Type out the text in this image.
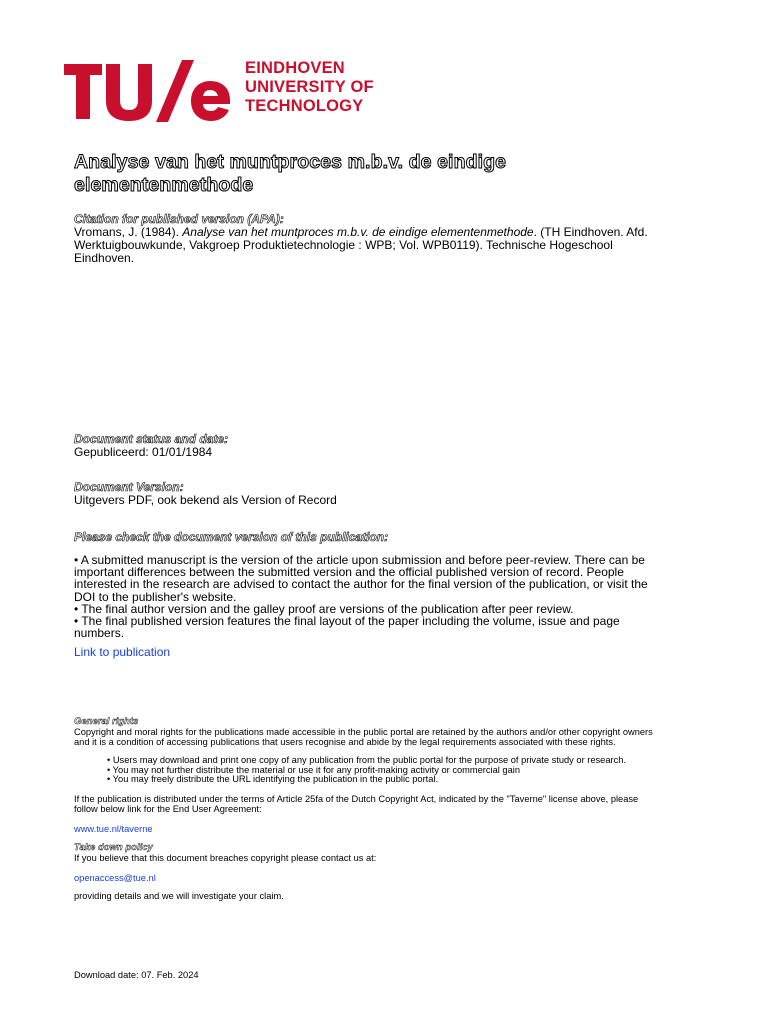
EINDHOVEN
UNIVERSITY OF
TECHNOLOGY
Analyse van het muntproces m.b.v. de eindige
elementenmethode
Citation for published version (APA):
Vromans, J. (1984). Analyse van het muntproces m.b.v. de eindige elementenmethode. (TH Eindhoven. Afd.
Werktuigbouwkunde, Vakgroep Produktietechnologie : WPB; Vol. WPB0119). Technische Hogeschool
Eindhoven.
Document status and date:
Gepubliceerd: 01/01/1984
Document Version:
Uitgevers PDF, ook bekend als Version of Record
Please check the document version of this publication:
• A submitted manuscript is the version of the article upon submission and before peer-review. There can be
important differences between the submitted version and the official published version of record. People
interested in the research are advised to contact the author for the final version of the publication, or visit the
DOI to the publisher's website.
• The final author version and the galley proof are versions of the publication after peer review.
• The final published version features the final layout of the paper including the volume, issue and page
numbers.
Link to publication
General rights
Copyright and moral rights for the publications made accessible in the public portal are retained by the authors and/or other copyright owners
and it is a condition of accessing publications that users recognise and abide by the legal requirements associated with these rights.
• Users may download and print one copy of any publication from the public portal for the purpose of private study or research.
• You may not further distribute the material or use it for any profit-making activity or commercial gain
• You may freely distribute the URL identifying the publication in the public portal.
If the publication is distributed under the terms of Article 25fa of the Dutch Copyright Act, indicated by the "Taverne" license above, please
follow below link for the End User Agreement:
www.tue.nl/taverne
Take down policy
If you believe that this document breaches copyright please contact us at:
openaccess@tue.nl
providing details and we will investigate your claim.
Download date: 07. Feb. 2024
